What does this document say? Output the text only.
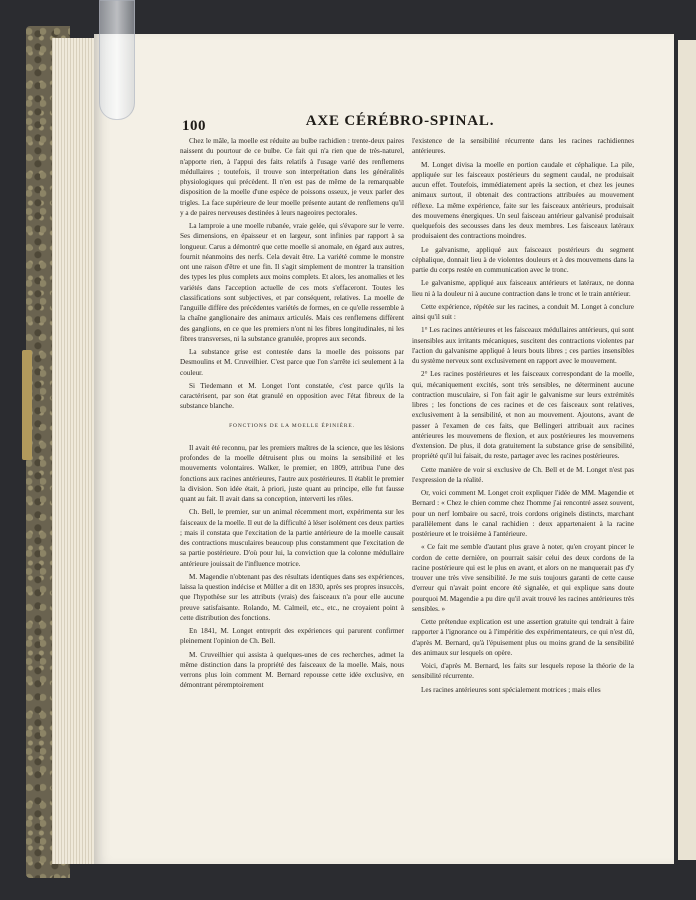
100	AXE CÉRÉBRO-SPINAL.

Chez le mâle, la moelle est réduite au bulbe rachidien : trente-deux paires naissent du pourtour de ce bulbe. Ce fait qui n'a rien que de très-naturel, n'apporte rien, à l'appui des faits relatifs à l'usage varié des renflemens médullaires ; toutefois, il trouve son interprétation dans les généralités physiologiques qui précèdent. Il n'en est pas de même de la remarquable disposition de la moelle d'une espèce de poissons osseux, je veux parler des trigles. La face supérieure de leur moelle présente autant de renflemens qu'il y a de paires nerveuses destinées à leurs nageoires pectorales.

La lamproie a une moelle rubanée, vraie gelée, qui s'évapore sur le verre. Ses dimensions, en épaisseur et en largeur, sont infinies par rapport à sa longueur. Carus a démontré que cette moelle si anomale, en égard aux autres, fournit néanmoins des nerfs. Cela devait être. La variété comme le monstre ont une raison d'être et une fin. Il s'agit simplement de montrer la transition des types les plus complets aux moins complets. Et alors, les anomalies et les variétés dans l'acception actuelle de ces mots s'effaceront. Toutes les classifications sont subjectives, et par conséquent, relatives. La moelle de l'anguille diffère des précédentes variétés de formes, en ce qu'elle ressemble à la chaîne ganglionaire des animaux articulés. Mais ces renflemens diffèrent des ganglions, en ce que les premiers n'ont ni les fibres longitudinales, ni les fibres transverses, ni la substance granulée, propres aux seconds.

La substance grise est contestée dans la moelle des poissons par Desmoulins et M. Cruveilhier. C'est parce que l'on s'arrête ici seulement à la couleur.

Si Tiedemann et M. Longet l'ont constatée, c'est parce qu'ils la caractérisent, par son état granulé en opposition avec l'état fibreux de la substance blanche.

FONCTIONS DE LA MOELLE ÉPINIÈRE.

Il avait été reconnu, par les premiers maîtres de la science, que les lésions profondes de la moelle détruisent plus ou moins la sensibilité et les mouvements volontaires. Walker, le premier, en 1809, attribua l'une des fonctions aux racines antérieures, l'autre aux postérieures. Il établit le premier la division. Son idée était, à priori, juste quant au principe, elle fut fausse quant au fait. Il avait dans sa conception, interverti les rôles.

Ch. Bell, le premier, sur un animal récemment mort, expérimenta sur les faisceaux de la moelle. Il eut de la difficulté à léser isolément ces deux parties ; mais il constata que l'excitation de la partie antérieure de la moelle causait des contractions musculaires beaucoup plus constamment que l'excitation de sa partie postérieure. D'où pour lui, la conviction que la colonne médullaire antérieure jouissait de l'influence motrice.

M. Magendie n'obtenant pas des résultats identiques dans ses expériences, laissa la question indécise et Müller a dit en 1830, après ses propres insuccès, que l'hypothèse sur les attributs (vrais) des faisceaux n'a pour elle aucune preuve satisfaisante. Rolando, M. Calmeil, etc., etc., ne croyaient point à cette distribution des fonctions.

En 1841, M. Longet entreprit des expériences qui parurent confirmer pleinement l'opinion de Ch. Bell.

M. Cruveilhier qui assista à quelques-unes de ces recherches, admet la même distinction dans la propriété des faisceaux de la moelle. Mais, nous verrons plus loin comment M. Bernard repousse cette idée exclusive, en démontrant péremptoirement

l'existence de la sensibilité récurrente dans les racines rachidiennes antérieures.

M. Longet divisa la moelle en portion caudale et céphalique. La pile, appliquée sur les faisceaux postérieurs du segment caudal, ne produisait aucun effet. Toutefois, immédiatement après la section, et chez les jeunes animaux surtout, il obtenait des contractions attribuées au mouvement réflexe. La même expérience, faite sur les faisceaux antérieurs, produisait des mouvemens énergiques. Un seul faisceau antérieur galvanisé produisait quelquefois des secousses dans les deux membres. Les faisceaux latéraux produisaient des contractions moindres.

Le galvanisme, appliqué aux faisceaux postérieurs du segment céphalique, donnait lieu à de violentes douleurs et à des mouvemens dans la partie du corps restée en communication avec le tronc.

Le galvanisme, appliqué aux faisceaux antérieurs et latéraux, ne donna lieu ni à la douleur ni à aucune contraction dans le tronc et le train antérieur.

Cette expérience, répétée sur les racines, a conduit M. Longet à conclure ainsi qu'il suit :

1° Les racines antérieures et les faisceaux médullaires antérieurs, qui sont insensibles aux irritants mécaniques, suscitent des contractions violentes par l'action du galvanisme appliqué à leurs bouts libres ; ces parties insensibles du système nerveux sont exclusivement en rapport avec le mouvement.

2° Les racines postérieures et les faisceaux correspondant de la moelle, qui, mécaniquement excités, sont très sensibles, ne déterminent aucune contraction musculaire, si l'on fait agir le galvanisme sur leurs extrémités libres ; les fonctions de ces racines et de ces faisceaux sont relatives, exclusivement à la sensibilité, et non au mouvement. Ajoutons, avant de passer à l'examen de ces faits, que Bellingeri attribuait aux racines antérieures les mouvemens de flexion, et aux postérieures les mouvemens d'extension. De plus, il dota gratuitement la substance grise de sensibilité, propriété qu'il lui faisait, du reste, partager avec les racines postérieures.

Cette manière de voir si exclusive de Ch. Bell et de M. Longet n'est pas l'expression de la réalité.

Or, voici comment M. Longet croit expliquer l'idée de MM. Magendie et Bernard : « Chez le chien comme chez l'homme j'ai rencontré assez souvent, pour un nerf lombaire ou sacré, trois cordons originels distincts, marchant parallèlement dans le canal rachidien : deux appartenaient à la racine postérieure et le troisième à l'antérieure.

« Ce fait me semble d'autant plus grave à noter, qu'en croyant pincer le cordon de cette dernière, on pourrait saisir celui des deux cordons de la racine postérieure qui est le plus en avant, et alors on ne manquerait pas d'y trouver une très vive sensibilité. Je me suis toujours garanti de cette cause d'erreur qui n'avait point encore été signalée, et qui explique sans doute pourquoi M. Magendie a pu dire qu'il avait trouvé les racines antérieures très sensibles. »

Cette prétendue explication est une assertion gratuite qui tendrait à faire rapporter à l'ignorance ou à l'impéritie des expérimentateurs, ce qui n'est dû, d'après M. Bernard, qu'à l'épuisement plus ou moins grand de la sensibilité des animaux sur lesquels on opère.

Voici, d'après M. Bernard, les faits sur lesquels repose la théorie de la sensibilité récurrente.

Les racines antérieures sont spécialement motrices ; mais elles
